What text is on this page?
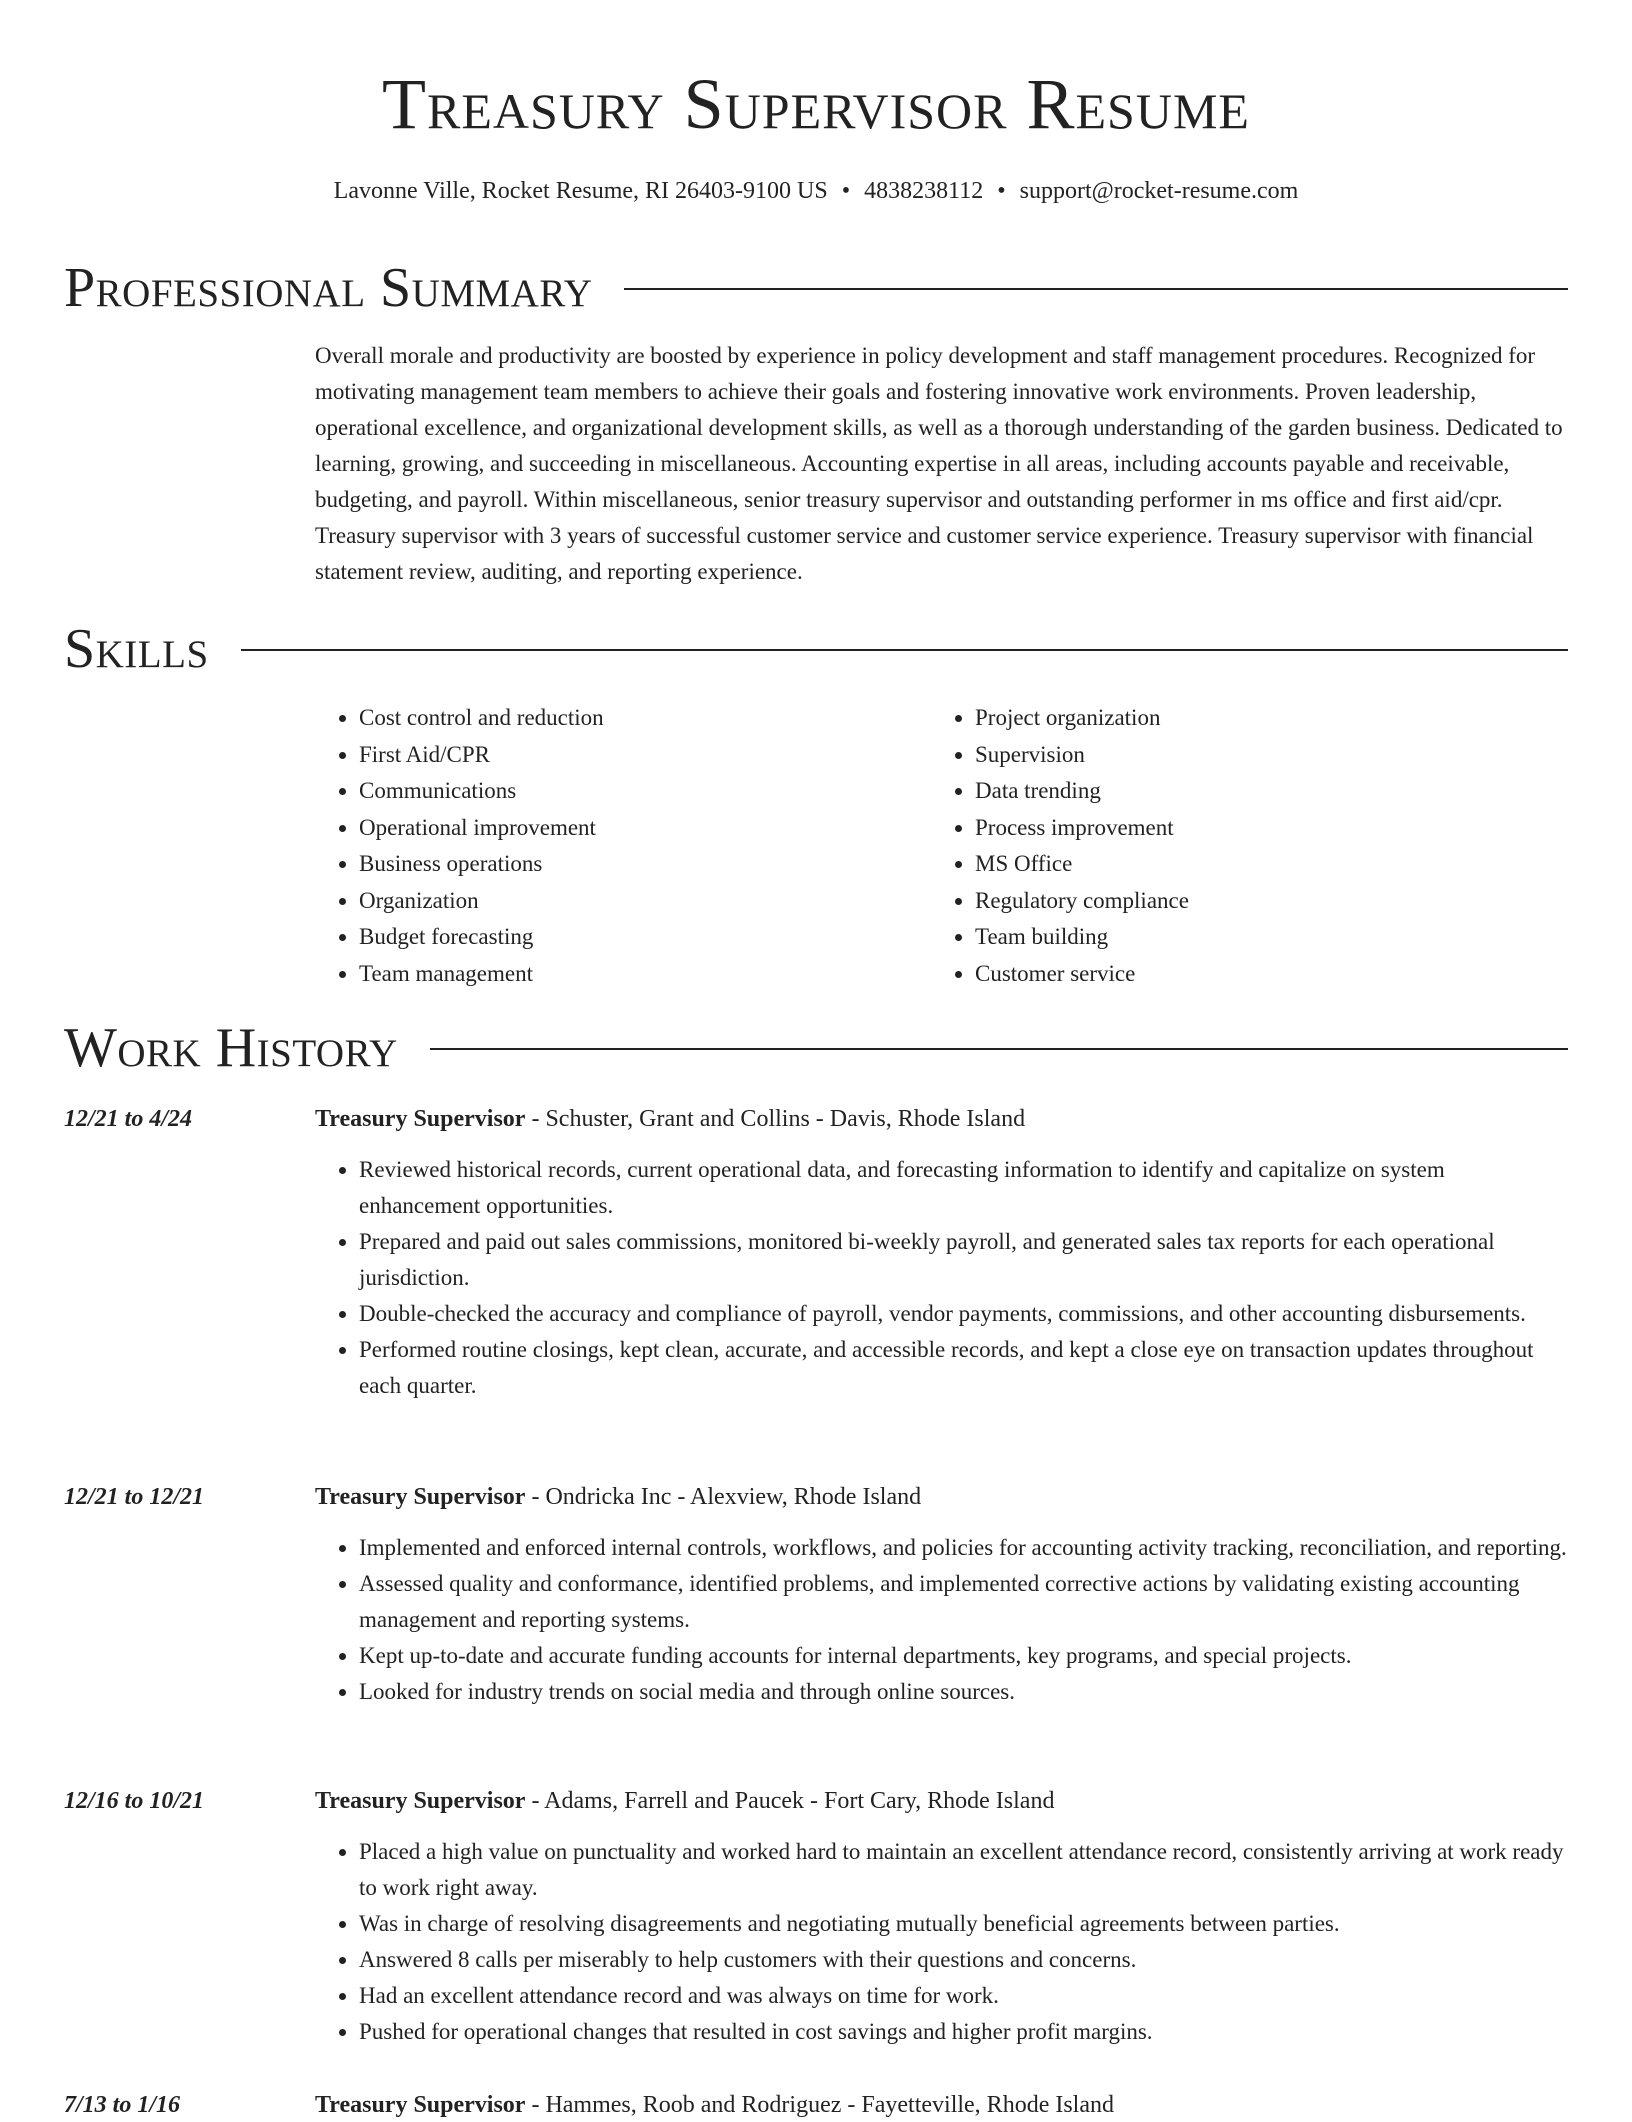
Treasury Supervisor Resume
Lavonne Ville, Rocket Resume, RI 26403-9100 US • 4838238112 • support@rocket-resume.com
Professional Summary

Overall morale and productivity are boosted by experience in policy development and staff management procedures. Recognized for motivating management team members to achieve their goals and fostering innovative work environments. Proven leadership, operational excellence, and organizational development skills, as well as a thorough understanding of the garden business. Dedicated to learning, growing, and succeeding in miscellaneous. Accounting expertise in all areas, including accounts payable and receivable, budgeting, and payroll. Within miscellaneous, senior treasury supervisor and outstanding performer in ms office and first aid/cpr. Treasury supervisor with 3 years of successful customer service and customer service experience. Treasury supervisor with financial statement review, auditing, and reporting experience.

Skills
• Cost control and reduction
• First Aid/CPR
• Communications
• Operational improvement
• Business operations
• Organization
• Budget forecasting
• Team management
• Project organization
• Supervision
• Data trending
• Process improvement
• MS Office
• Regulatory compliance
• Team building
• Customer service
Work History
12/21 to 4/24	Treasury Supervisor - Schuster, Grant and Collins - Davis, Rhode Island
• Reviewed historical records, current operational data, and forecasting information to identify and capitalize on system enhancement opportunities.
• Prepared and paid out sales commissions, monitored bi-weekly payroll, and generated sales tax reports for each operational jurisdiction.
• Double-checked the accuracy and compliance of payroll, vendor payments, commissions, and other accounting disbursements.
• Performed routine closings, kept clean, accurate, and accessible records, and kept a close eye on transaction updates throughout each quarter.
12/21 to 12/21	Treasury Supervisor - Ondricka Inc - Alexview, Rhode Island
• Implemented and enforced internal controls, workflows, and policies for accounting activity tracking, reconciliation, and reporting.
• Assessed quality and conformance, identified problems, and implemented corrective actions by validating existing accounting management and reporting systems.
• Kept up-to-date and accurate funding accounts for internal departments, key programs, and special projects.
• Looked for industry trends on social media and through online sources.
12/16 to 10/21	Treasury Supervisor - Adams, Farrell and Paucek - Fort Cary, Rhode Island
• Placed a high value on punctuality and worked hard to maintain an excellent attendance record, consistently arriving at work ready to work right away.
• Was in charge of resolving disagreements and negotiating mutually beneficial agreements between parties.
• Answered 8 calls per miserably to help customers with their questions and concerns.
• Had an excellent attendance record and was always on time for work.
• Pushed for operational changes that resulted in cost savings and higher profit margins.
7/13 to 1/16	Treasury Supervisor - Hammes, Roob and Rodriguez - Fayetteville, Rhode Island
